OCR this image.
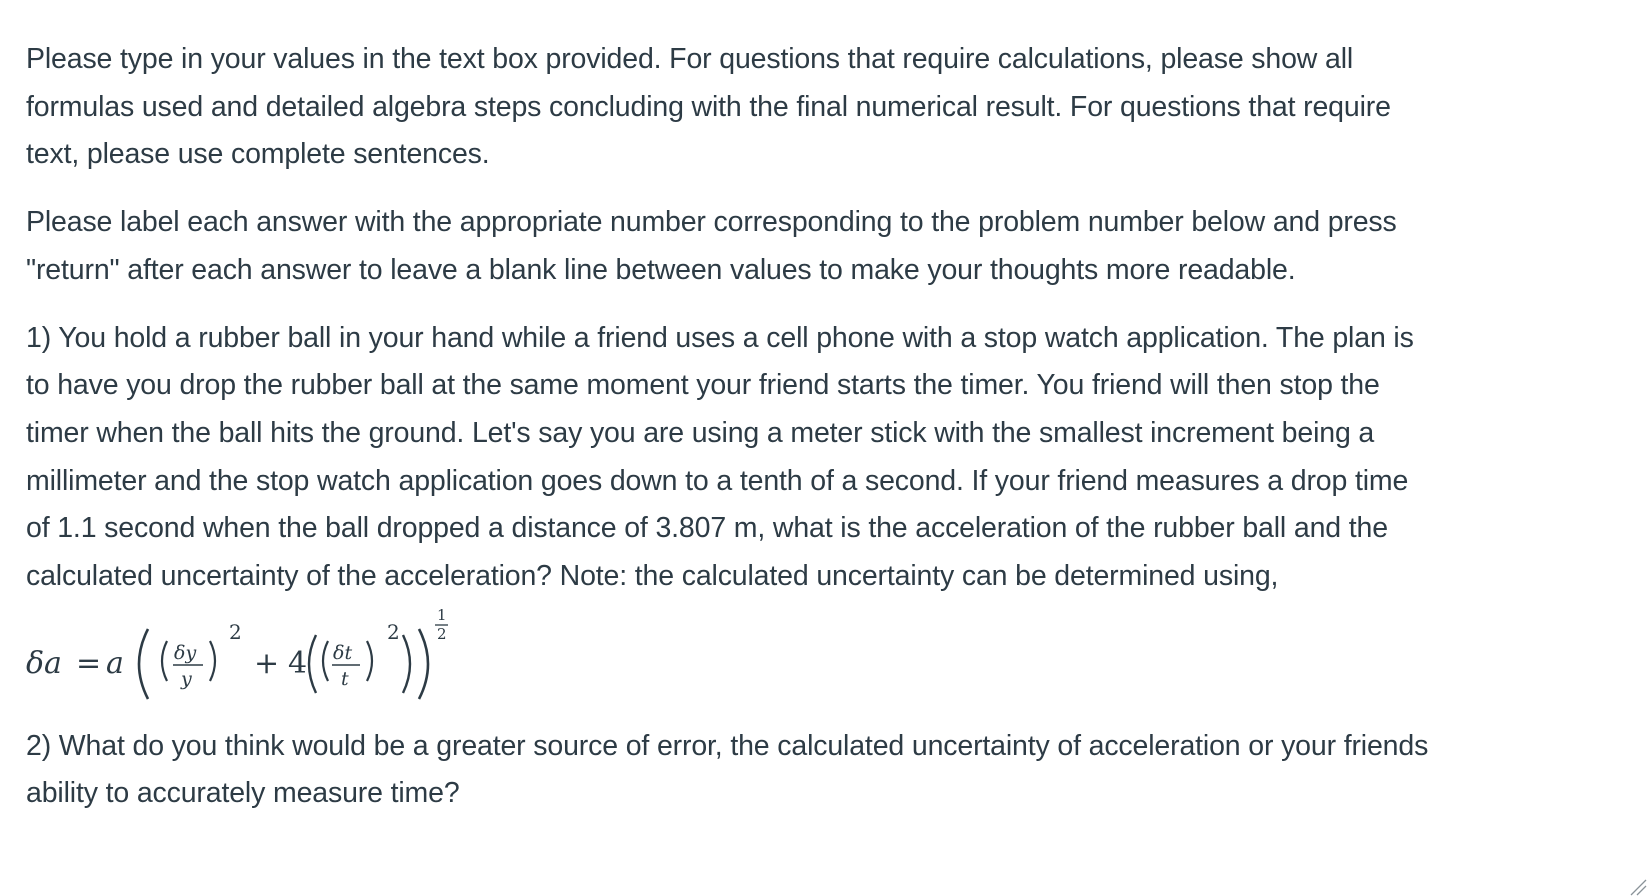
Please type in your values in the text box provided. For questions that require calculations, please show all
formulas used and detailed algebra steps concluding with the final numerical result. For questions that require
text, please use complete sentences.

Please label each answer with the appropriate number corresponding to the problem number below and press
"return" after each answer to leave a blank line between values to make your thoughts more readable.

1) You hold a rubber ball in your hand while a friend uses a cell phone with a stop watch application. The plan is
to have you drop the rubber ball at the same moment your friend starts the timer. You friend will then stop the
timer when the ball hits the ground. Let's say you are using a meter stick with the smallest increment being a
millimeter and the stop watch application goes down to a tenth of a second. If your friend measures a drop time
of 1.1 second when the ball dropped a distance of 3.807 m, what is the acceleration of the rubber ball and the
calculated uncertainty of the acceleration? Note: the calculated uncertainty can be determined using,

δa = a	δy
y
2
+ 4 δt
t
2
1
2

2) What do you think would be a greater source of error, the calculated uncertainty of acceleration or your friends
ability to accurately measure time?
